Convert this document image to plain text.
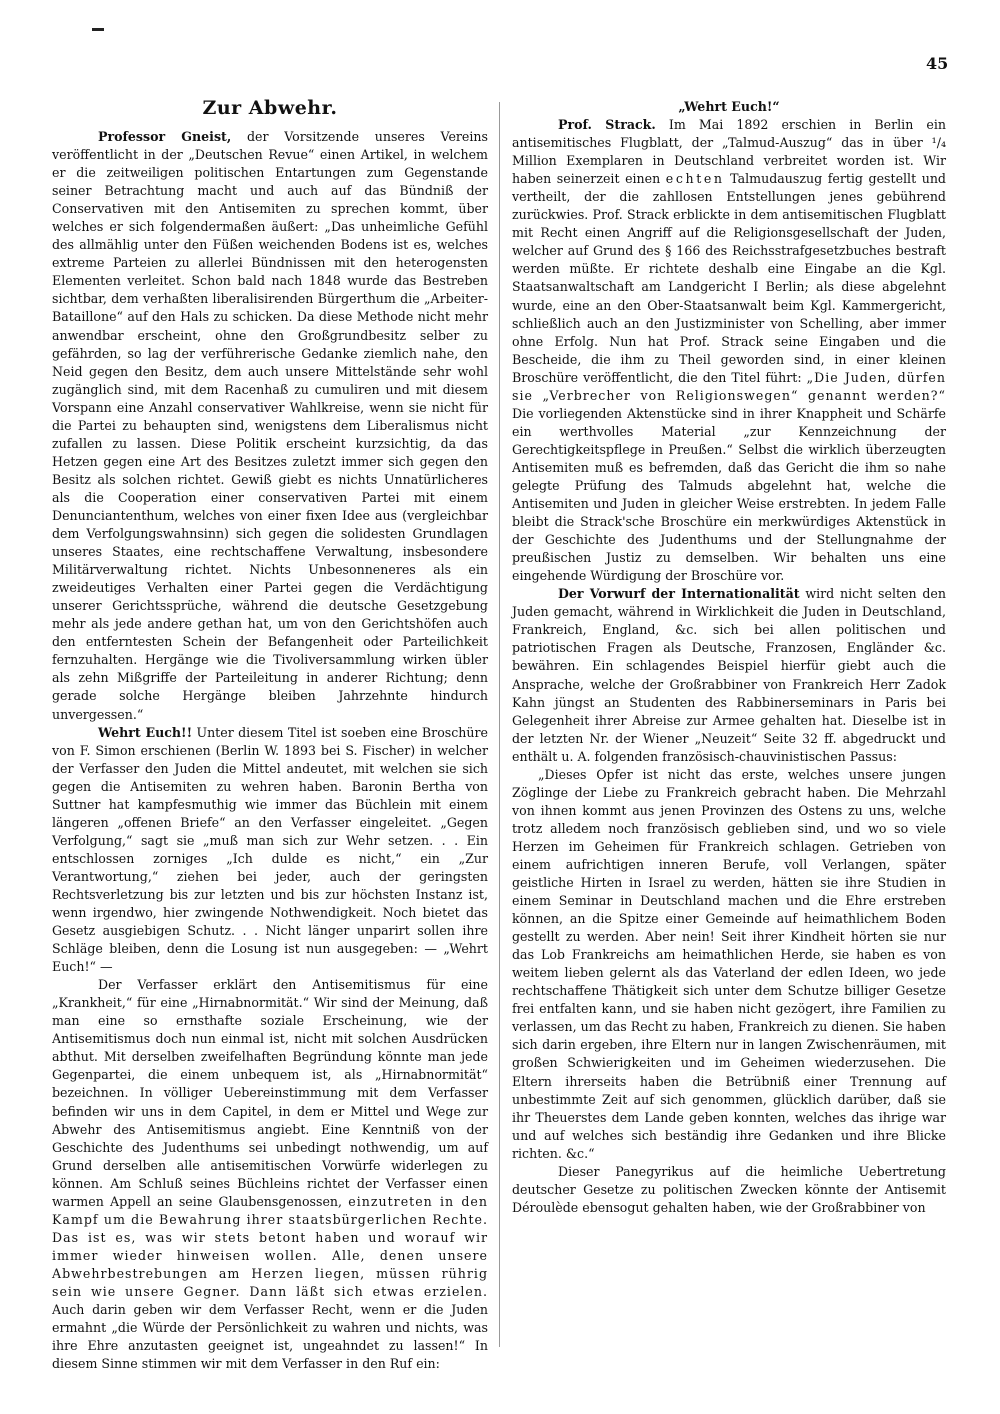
45
Zur Abwehr.

Professor Gneist, der Vorsitzende unseres Vereins veröffentlicht in der „Deutschen Revue“ einen Artikel, in welchem er die zeitweiligen politischen Entartungen zum Gegenstande seiner Betrachtung macht und auch auf das Bündniß der Conservativen mit den Antisemiten zu sprechen kommt, über welches er sich folgendermaßen äußert: „Das unheimliche Gefühl des allmählig unter den Füßen weichenden Bodens ist es, welches extreme Parteien zu allerlei Bündnissen mit den heterogensten Elementen verleitet. Schon bald nach 1848 wurde das Bestreben sichtbar, dem verhaßten liberalisirenden Bürgerthum die „Arbeiter-Bataillone“ auf den Hals zu schicken. Da diese Methode nicht mehr anwendbar erscheint, ohne den Großgrundbesitz selber zu gefährden, so lag der verführerische Gedanke ziemlich nahe, den Neid gegen den Besitz, dem auch unsere Mittelstände sehr wohl zugänglich sind, mit dem Racenhaß zu cumuliren und mit diesem Vorspann eine Anzahl conservativer Wahlkreise, wenn sie nicht für die Partei zu behaupten sind, wenigstens dem Liberalismus nicht zufallen zu lassen. Diese Politik erscheint kurzsichtig, da das Hetzen gegen eine Art des Besitzes zuletzt immer sich gegen den Besitz als solchen richtet. Gewiß giebt es nichts Unnatürlicheres als die Cooperation einer conservativen Partei mit einem Denunciantenthum, welches von einer fixen Idee aus (vergleichbar dem Verfolgungswahnsinn) sich gegen die solidesten Grundlagen unseres Staates, eine rechtschaffene Verwaltung, insbesondere Militärverwaltung richtet. Nichts Unbesonneneres als ein zweideutiges Verhalten einer Partei gegen die Verdächtigung unserer Gerichtssprüche, während die deutsche Gesetzgebung mehr als jede andere gethan hat, um von den Gerichtshöfen auch den entferntesten Schein der Befangenheit oder Parteilichkeit fernzuhalten. Hergänge wie die Tivoliversammlung wirken übler als zehn Mißgriffe der Parteileitung in anderer Richtung; denn gerade solche Hergänge bleiben Jahrzehnte hindurch unvergessen.“

Wehrt Euch!! Unter diesem Titel ist soeben eine Broschüre von F. Simon erschienen (Berlin W. 1893 bei S. Fischer) in welcher der Verfasser den Juden die Mittel andeutet, mit welchen sie sich gegen die Antisemiten zu wehren haben. Baronin Bertha von Suttner hat kampfesmuthig wie immer das Büchlein mit einem längeren „offenen Briefe“ an den Verfasser eingeleitet. „Gegen Verfolgung,“ sagt sie „muß man sich zur Wehr setzen. . . Ein entschlossen zorniges „Ich dulde es nicht,“ ein „Zur Verantwortung,“ ziehen bei jeder, auch der geringsten Rechtsverletzung bis zur letzten und bis zur höchsten Instanz ist, wenn irgendwo, hier zwingende Nothwendigkeit. Noch bietet das Gesetz ausgiebigen Schutz. . . Nicht länger unparirt sollen ihre Schläge bleiben, denn die Losung ist nun ausgegeben: — „Wehrt Euch!“ —

Der Verfasser erklärt den Antisemitismus für eine „Krankheit,“ für eine „Hirnabnormität.“ Wir sind der Meinung, daß man eine so ernsthafte soziale Erscheinung, wie der Antisemitismus doch nun einmal ist, nicht mit solchen Ausdrücken abthut. Mit derselben zweifelhaften Begründung könnte man jede Gegenpartei, die einem unbequem ist, als „Hirnabnormität“ bezeichnen. In völliger Uebereinstimmung mit dem Verfasser befinden wir uns in dem Capitel, in dem er Mittel und Wege zur Abwehr des Antisemitismus angiebt. Eine Kenntniß von der Geschichte des Judenthums sei unbedingt nothwendig, um auf Grund derselben alle antisemitischen Vorwürfe widerlegen zu können. Am Schluß seines Büchleins richtet der Verfasser einen warmen Appell an seine Glaubensgenossen, einzutreten in den Kampf um die Bewahrung ihrer staatsbürgerlichen Rechte. Das ist es, was wir stets betont haben und worauf wir immer wieder hinweisen wollen. Alle, denen unsere Abwehrbestrebungen am Herzen liegen, müssen rührig sein wie unsere Gegner. Dann läßt sich etwas erzielen. Auch darin geben wir dem Verfasser Recht, wenn er die Juden ermahnt „die Würde der Persönlichkeit zu wahren und nichts, was ihre Ehre anzutasten geeignet ist, ungeahndet zu lassen!“ In diesem Sinne stimmen wir mit dem Verfasser in den Ruf ein:

„Wehrt Euch!“

Prof. Strack. Im Mai 1892 erschien in Berlin ein antisemitisches Flugblatt, der „Talmud-Auszug“ das in über ¹/₄ Million Exemplaren in Deutschland verbreitet worden ist. Wir haben seinerzeit einen echten Talmudauszug fertig gestellt und vertheilt, der die zahllosen Entstellungen jenes gebührend zurückwies. Prof. Strack erblickte in dem antisemitischen Flugblatt mit Recht einen Angriff auf die Religionsgesellschaft der Juden, welcher auf Grund des § 166 des Reichsstrafgesetzbuches bestraft werden müßte. Er richtete deshalb eine Eingabe an die Kgl. Staatsanwaltschaft am Landgericht I Berlin; als diese abgelehnt wurde, eine an den Ober-Staatsanwalt beim Kgl. Kammergericht, schließlich auch an den Justizminister von Schelling, aber immer ohne Erfolg. Nun hat Prof. Strack seine Eingaben und die Bescheide, die ihm zu Theil geworden sind, in einer kleinen Broschüre veröffentlicht, die den Titel führt: „Die Juden, dürfen sie „Verbrecher von Religionswegen“ genannt werden?“ Die vorliegenden Aktenstücke sind in ihrer Knappheit und Schärfe ein werthvolles Material „zur Kennzeichnung der Gerechtigkeitspflege in Preußen.“ Selbst die wirklich überzeugten Antisemiten muß es befremden, daß das Gericht die ihm so nahe gelegte Prüfung des Talmuds abgelehnt hat, welche die Antisemiten und Juden in gleicher Weise erstrebten. In jedem Falle bleibt die Strack'sche Broschüre ein merkwürdiges Aktenstück in der Geschichte des Judenthums und der Stellungnahme der preußischen Justiz zu demselben. Wir behalten uns eine eingehende Würdigung der Broschüre vor.

Der Vorwurf der Internationalität wird nicht selten den Juden gemacht, während in Wirklichkeit die Juden in Deutschland, Frankreich, England, &c. sich bei allen politischen und patriotischen Fragen als Deutsche, Franzosen, Engländer &c. bewähren. Ein schlagendes Beispiel hierfür giebt auch die Ansprache, welche der Großrabbiner von Frankreich Herr Zadok Kahn jüngst an Studenten des Rabbinerseminars in Paris bei Gelegenheit ihrer Abreise zur Armee gehalten hat. Dieselbe ist in der letzten Nr. der Wiener „Neuzeit“ Seite 32 ff. abgedruckt und enthält u. A. folgenden französisch-chauvinistischen Passus:

„Dieses Opfer ist nicht das erste, welches unsere jungen Zöglinge der Liebe zu Frankreich gebracht haben. Die Mehrzahl von ihnen kommt aus jenen Provinzen des Ostens zu uns, welche trotz alledem noch französisch geblieben sind, und wo so viele Herzen im Geheimen für Frankreich schlagen. Getrieben von einem aufrichtigen inneren Berufe, voll Verlangen, später geistliche Hirten in Israel zu werden, hätten sie ihre Studien in einem Seminar in Deutschland machen und die Ehre erstreben können, an die Spitze einer Gemeinde auf heimathlichem Boden gestellt zu werden. Aber nein! Seit ihrer Kindheit hörten sie nur das Lob Frankreichs am heimathlichen Herde, sie haben es von weitem lieben gelernt als das Vaterland der edlen Ideen, wo jede rechtschaffene Thätigkeit sich unter dem Schutze billiger Gesetze frei entfalten kann, und sie haben nicht gezögert, ihre Familien zu verlassen, um das Recht zu haben, Frankreich zu dienen. Sie haben sich darin ergeben, ihre Eltern nur in langen Zwischenräumen, mit großen Schwierigkeiten und im Geheimen wiederzusehen. Die Eltern ihrerseits haben die Betrübniß einer Trennung auf unbestimmte Zeit auf sich genommen, glücklich darüber, daß sie ihr Theuerstes dem Lande geben konnten, welches das ihrige war und auf welches sich beständig ihre Gedanken und ihre Blicke richten. &c.“

Dieser Panegyrikus auf die heimliche Uebertretung deutscher Gesetze zu politischen Zwecken könnte der Antisemit Déroulède ebensogut gehalten haben, wie der Großrabbiner von
